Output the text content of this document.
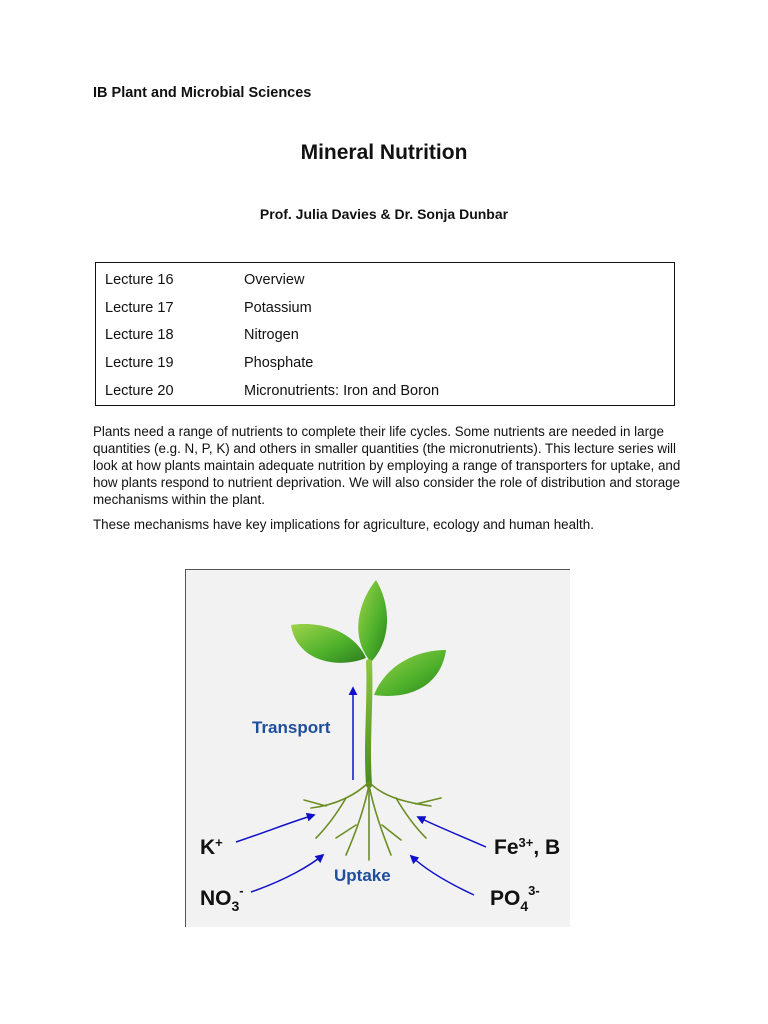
IB Plant and Microbial Sciences
Mineral Nutrition

Prof. Julia Davies & Dr. Sonja Dunbar

Lecture 16	Overview
Lecture 17	Potassium
Lecture 18	Nitrogen
Lecture 19	Phosphate
Lecture 20	Micronutrients: Iron and Boron

Plants need a range of nutrients to complete their life cycles. Some nutrients are needed in large quantities (e.g. N, P, K) and others in smaller quantities (the micronutrients). This lecture series will look at how plants maintain adequate nutrition by employing a range of transporters for uptake, and how plants respond to nutrient deprivation. We will also consider the role of distribution and storage mechanisms within the plant.

These mechanisms have key implications for agriculture, ecology and human health.

Transport
Uptake
K+	$Fe^{3+}$, B
$NO_3^-$	$PO_4^{3-}$
